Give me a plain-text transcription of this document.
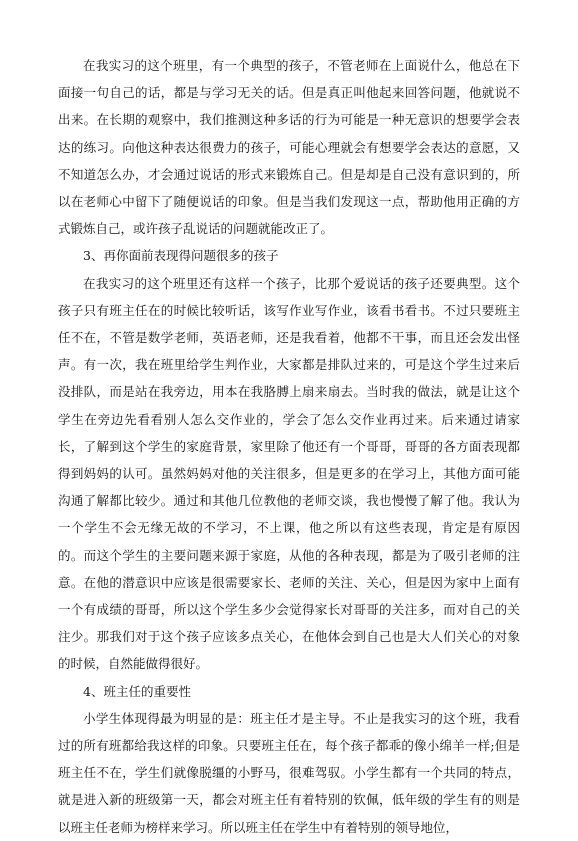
在我实习的这个班里，有一个典型的孩子，不管老师在上面说什么，他总在下面接一句自己的话，都是与学习无关的话。但是真正叫他起来回答问题，他就说不出来。在长期的观察中，我们推测这种多话的行为可能是一种无意识的想要学会表达的练习。向他这种表达很费力的孩子，可能心理就会有想要学会表达的意愿，又不知道怎么办，才会通过说话的形式来锻炼自己。但是却是自己没有意识到的，所以在老师心中留下了随便说话的印象。但是当我们发现这一点，帮助他用正确的方式锻炼自己，或许孩子乱说话的问题就能改正了。

3、再你面前表现得问题很多的孩子

在我实习的这个班里还有这样一个孩子，比那个爱说话的孩子还要典型。这个孩子只有班主任在的时候比较听话，该写作业写作业，该看书看书。不过只要班主任不在，不管是数学老师，英语老师，还是我看着，他都不干事，而且还会发出怪声。有一次，我在班里给学生判作业，大家都是排队过来的，可是这个学生过来后没排队，而是站在我旁边，用本在我胳膊上扇来扇去。当时我的做法，就是让这个学生在旁边先看看别人怎么交作业的，学会了怎么交作业再过来。后来通过请家长，了解到这个学生的家庭背景，家里除了他还有一个哥哥，哥哥的各方面表现都得到妈妈的认可。虽然妈妈对他的关注很多，但是更多的在学习上，其他方面可能沟通了解都比较少。通过和其他几位教他的老师交谈，我也慢慢了解了他。我认为一个学生不会无缘无故的不学习，不上课，他之所以有这些表现，肯定是有原因的。而这个学生的主要问题来源于家庭，从他的各种表现，都是为了吸引老师的注意。在他的潜意识中应该是很需要家长、老师的关注、关心，但是因为家中上面有一个有成绩的哥哥，所以这个学生多少会觉得家长对哥哥的关注多，而对自己的关注少。那我们对于这个孩子应该多点关心，在他体会到自己也是大人们关心的对象的时候，自然能做得很好。

4、班主任的重要性

小学生体现得最为明显的是：班主任才是主导。不止是我实习的这个班，我看过的所有班都给我这样的印象。只要班主任在，每个孩子都乖的像小绵羊一样;但是班主任不在，学生们就像脱缰的小野马，很难驾驭。小学生都有一个共同的特点，就是进入新的班级第一天，都会对班主任有着特别的钦佩，低年级的学生有的则是以班主任老师为榜样来学习。所以班主任在学生中有着特别的领导地位，
